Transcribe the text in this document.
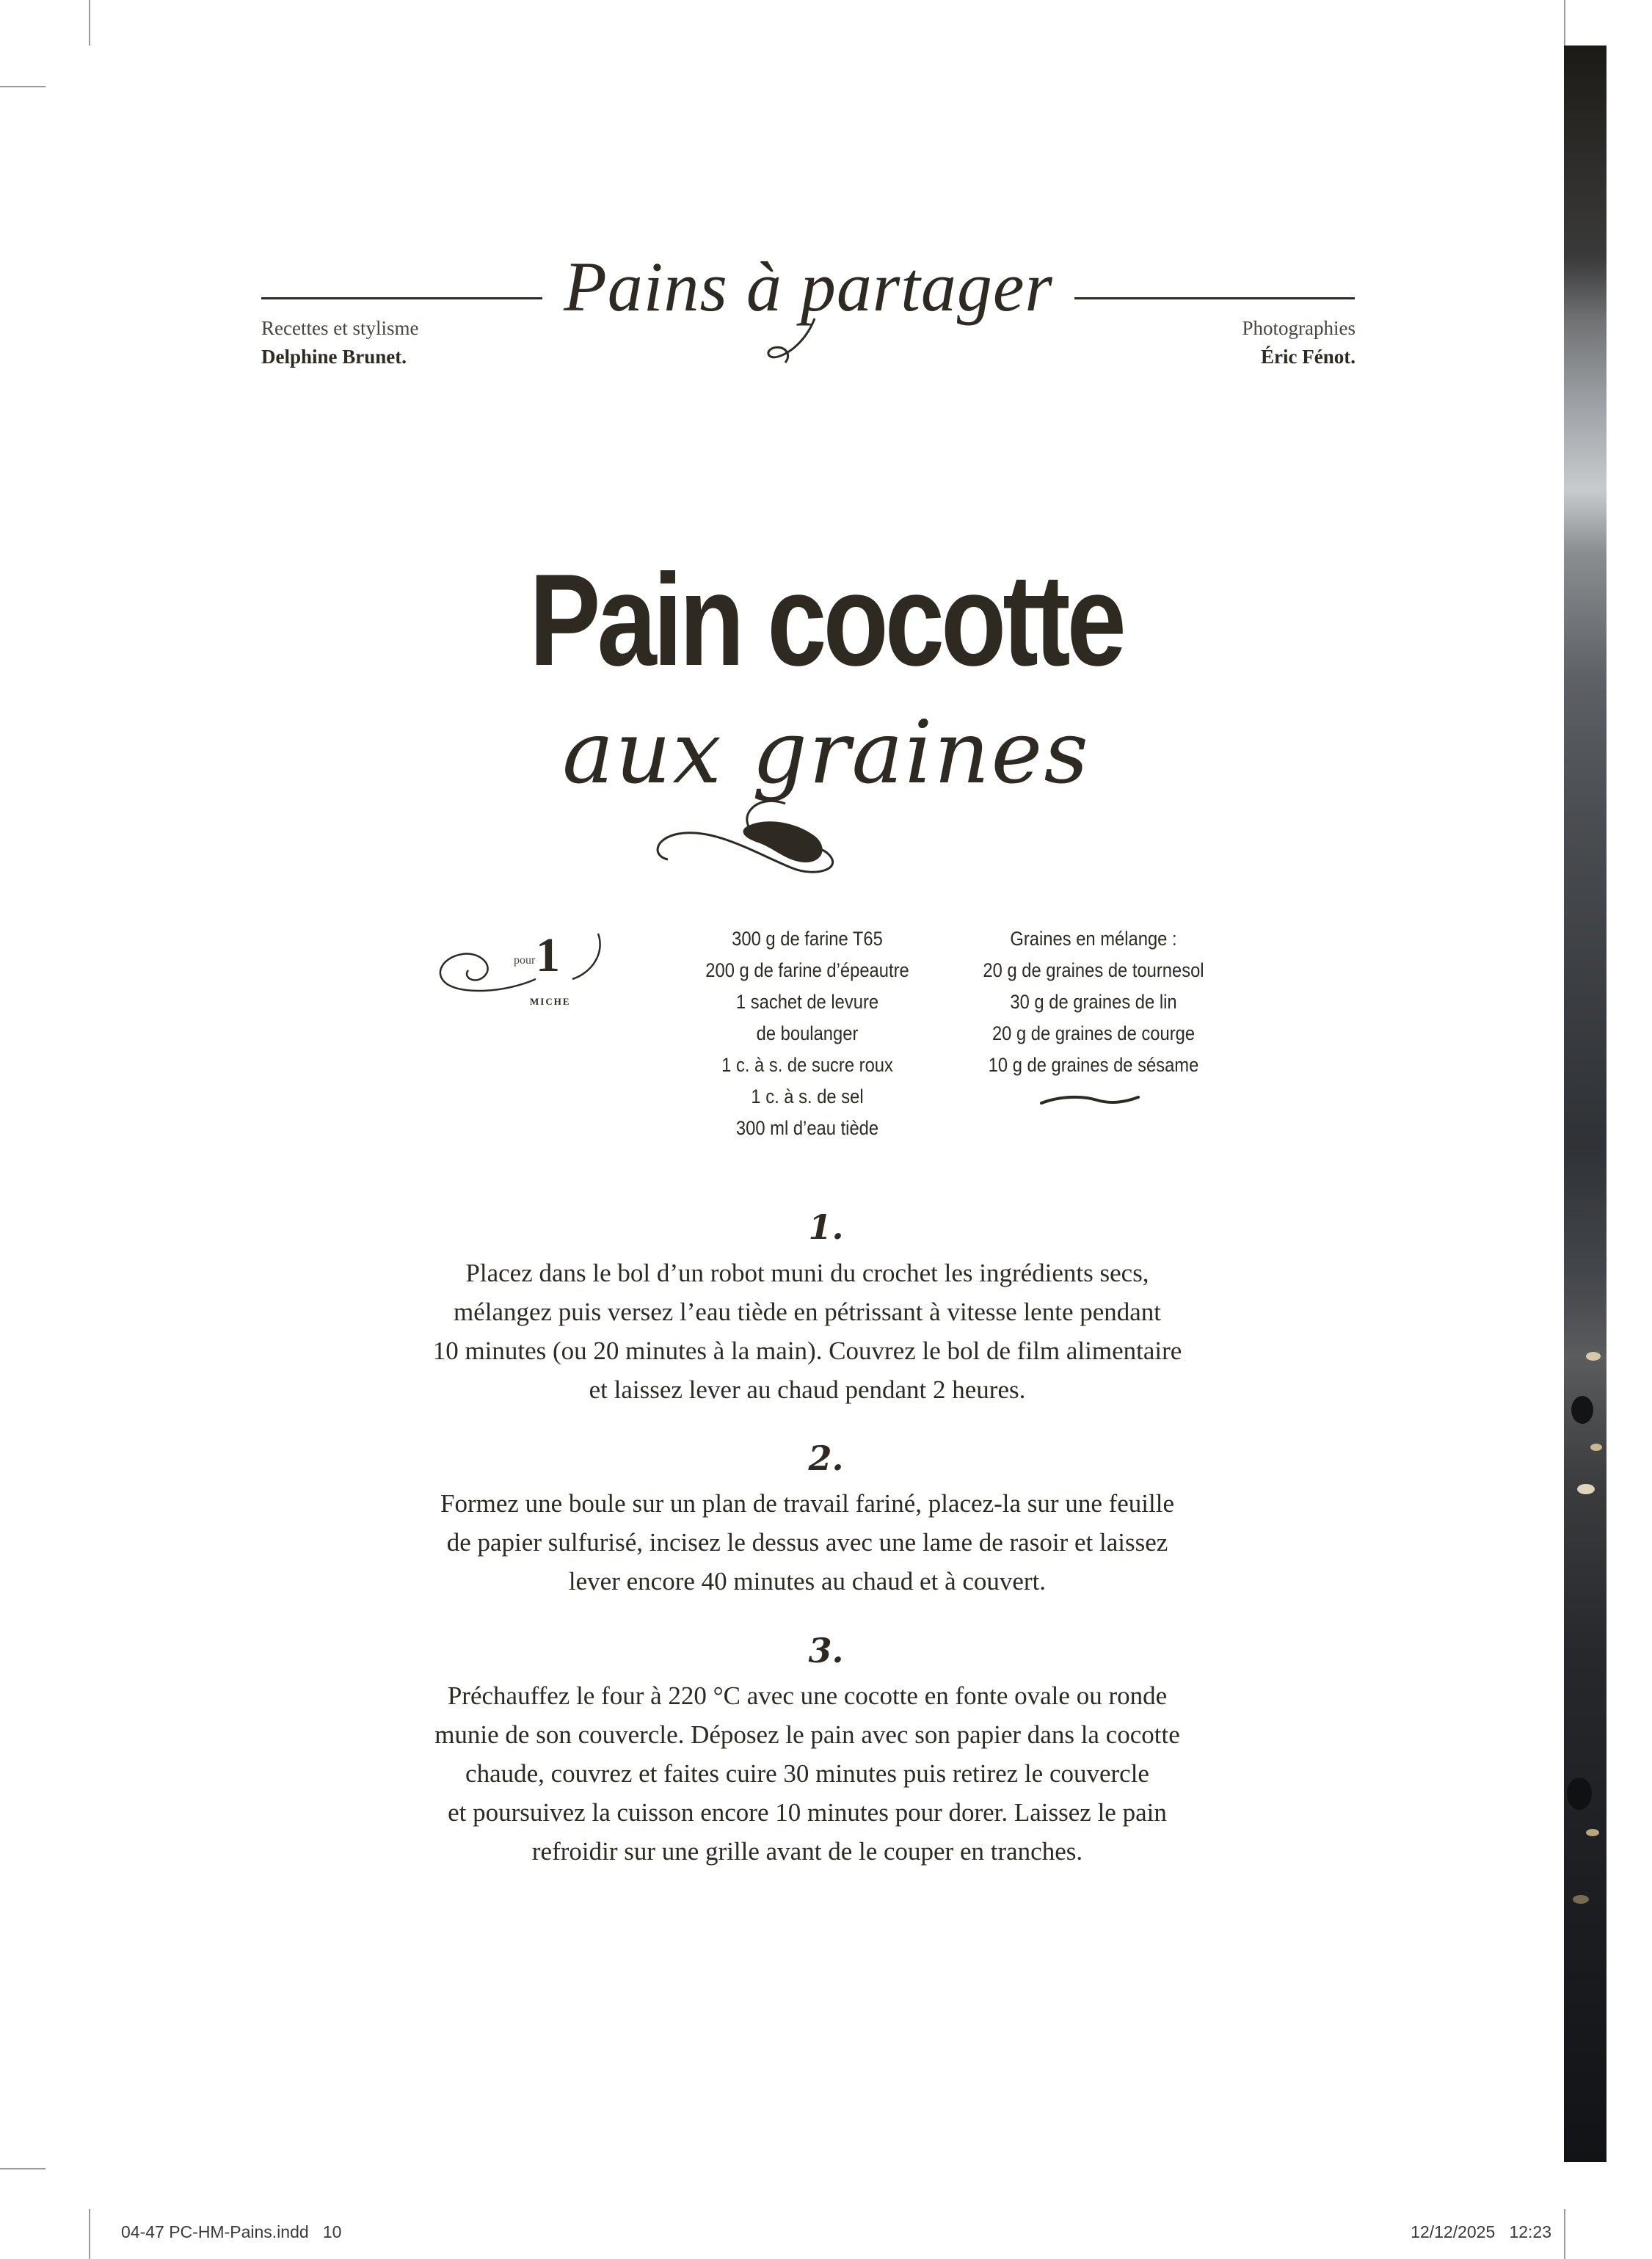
Pains à partager
Recettes et stylisme
Delphine Brunet.
Photographies
Éric Fénot.
Pain cocotte
aux graines
pour 1
MICHE
300 g de farine T65
200 g de farine d’épeautre
1 sachet de levure
de boulanger
1 c. à s. de sucre roux
1 c. à s. de sel
300 ml d’eau tiède
Graines en mélange :
20 g de graines de tournesol
30 g de graines de lin
20 g de graines de courge
10 g de graines de sésame
1.
Placez dans le bol d’un robot muni du crochet les ingrédients secs,
mélangez puis versez l’eau tiède en pétrissant à vitesse lente pendant
10 minutes (ou 20 minutes à la main). Couvrez le bol de film alimentaire
et laissez lever au chaud pendant 2 heures.
2.
Formez une boule sur un plan de travail fariné, placez-la sur une feuille
de papier sulfurisé, incisez le dessus avec une lame de rasoir et laissez
lever encore 40 minutes au chaud et à couvert.
3.
Préchauffez le four à 220 °C avec une cocotte en fonte ovale ou ronde
munie de son couvercle. Déposez le pain avec son papier dans la cocotte
chaude, couvrez et faites cuire 30 minutes puis retirez le couvercle
et poursuivez la cuisson encore 10 minutes pour dorer. Laissez le pain
refroidir sur une grille avant de le couper en tranches.
04-47 PC-HM-Pains.indd   10	12/12/2025   12:23
